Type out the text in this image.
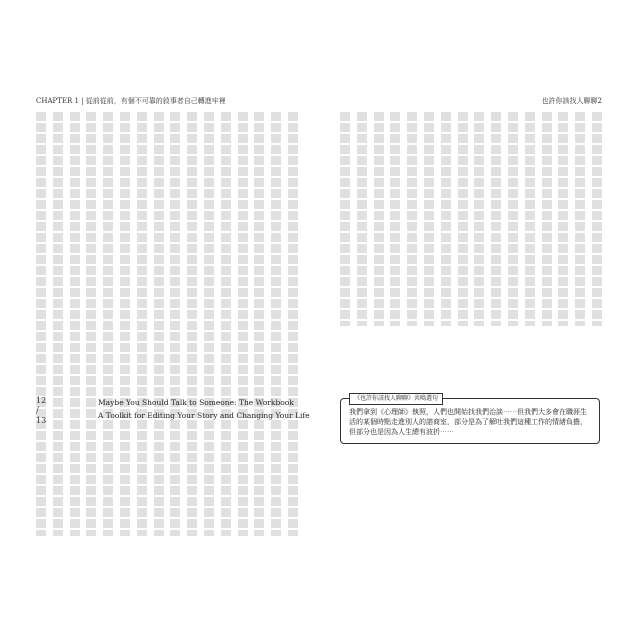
CHAPTER 1 | 從前從前，有個不可靠的敘事者自己轉進牢裡	也許你該找人聊聊2
12
/
13
Maybe You Should Talk to Someone: The Workbook
A Toolkit for Editing Your Story and Changing Your Life
《也許你該找人聊聊》共鳴選句
我們拿到《心理師》執照，人們也開始找我們治談⋯⋯但我們大多會在職涯生活的某個時點走進別人的諮商室，部分是為了解吐我們這種工作的情緒負擔，但部分也是因為人生總有波折⋯⋯
